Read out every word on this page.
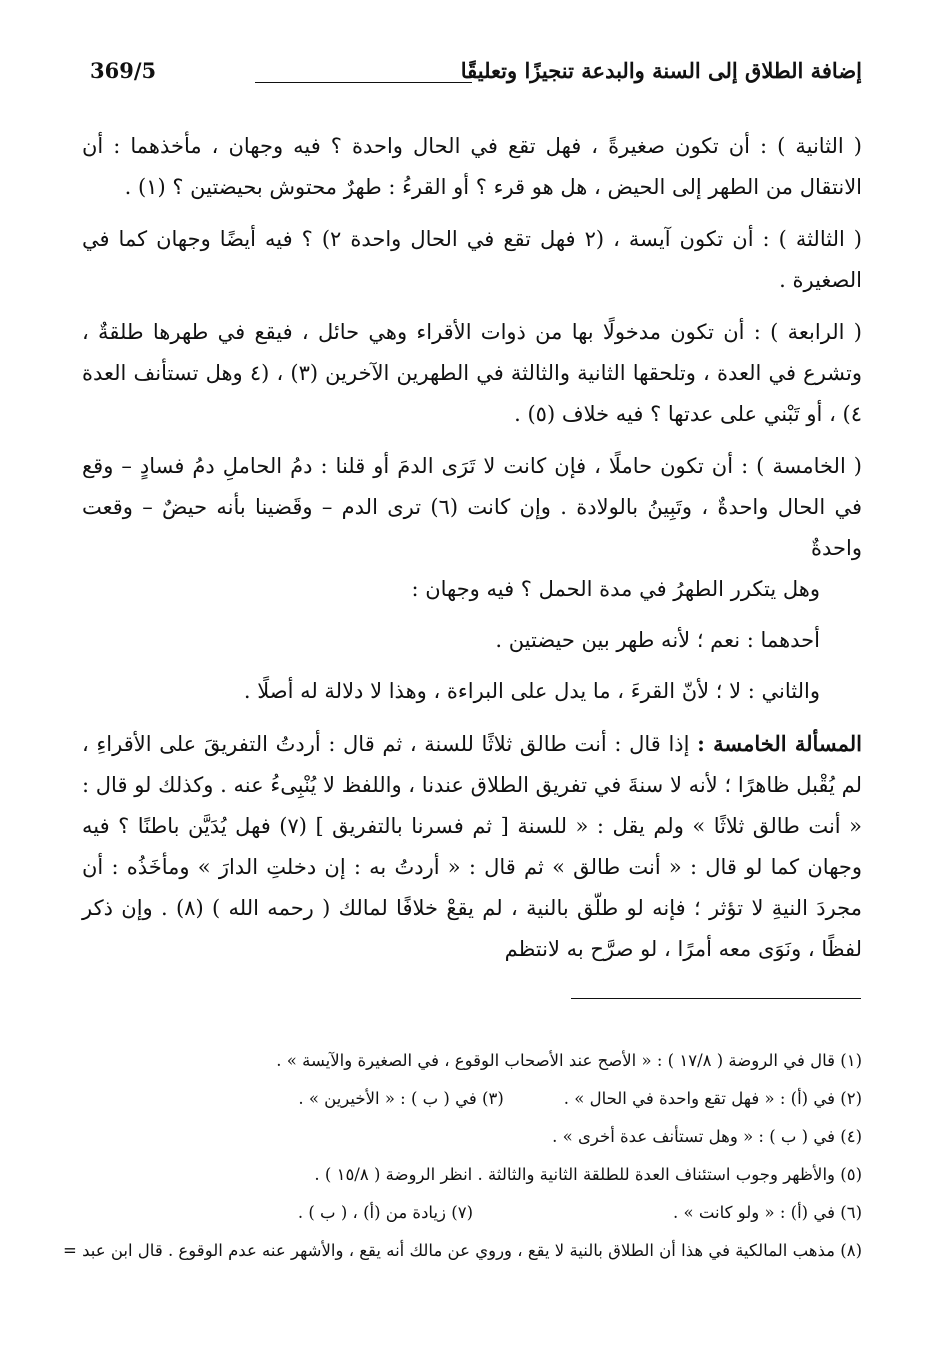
إضافة الطلاق إلى السنة والبدعة تنجيزًا وتعليقًا
369/5

( الثانية ) : أن تكون صغيرةً ، فهل تقع في الحال واحدة ؟ فيه وجهان ، مأخذهما : أن الانتقال من الطهر إلى الحيض ، هل هو قرء ؟ أو القرءُ : طهرٌ محتوش بحيضتين ؟ (١) .

( الثالثة ) : أن تكون آيسة ، (٢ فهل تقع في الحال واحدة ٢) ؟ فيه أيضًا وجهان كما في الصغيرة .

( الرابعة ) : أن تكون مدخولًا بها من ذوات الأقراء وهي حائل ، فيقع في طهرها طلقةٌ ، وتشرع في العدة ، وتلحقها الثانية والثالثة في الطهرين الآخرين (٣) ، (٤ وهل تستأنف العدة ٤) ، أو تَبْني على عدتها ؟ فيه خلاف (٥) .

( الخامسة ) : أن تكون حاملًا ، فإن كانت لا تَرَى الدمَ أو قلنا : دمُ الحاملِ دمُ فسادٍ – وقع في الحال واحدةٌ ، وتَبِينُ بالولادة . وإن كانت (٦) ترى الدم – وقَضينا بأنه حيضٌ – وقعت واحدةٌ

وهل يتكرر الطهرُ في مدة الحمل ؟ فيه وجهان :

أحدهما : نعم ؛ لأنه طهر بين حيضتين .

والثاني : لا ؛ لأنّ القرءَ ، ما يدل على البراءة ، وهذا لا دلالة له أصلًا .

المسألة الخامسة : إذا قال : أنت طالق ثلاثًا للسنة ، ثم قال : أردتُ التفريقَ على الأقراءِ ، لم يُقْبل ظاهرًا ؛ لأنه لا سنةَ في تفريق الطلاق عندنا ، واللفظ لا يُنْبِىءُ عنه . وكذلك لو قال : « أنت طالق ثلاثًا » ولم يقل : « للسنة [ ثم فسرنا بالتفريق ] (٧) فهل يُدَيَّن باطنًا ؟ فيه وجهان كما لو قال : « أنت طالق » ثم قال : « أردتُ به : إن دخلتِ الدارَ » ومأخَذُه : أن مجردَ النيةِ لا تؤثر ؛ فإنه لو طلّق بالنية ، لم يقعْ خلافًا لمالك ( رحمه الله ) (٨) . وإن ذكر لفظًا ، ونَوَى معه أمرًا ، لو صرَّح به لانتظم

(١) قال في الروضة ( ١٧/٨ ) : « الأصح عند الأصحاب الوقوع ، في الصغيرة والآيسة » .
(٢) في (أ) : « فهل تقع واحدة في الحال » .
(٣) في ( ب ) : « الأخيرين » .
(٤) في ( ب ) : « وهل تستأنف عدة أخرى » .
(٥) والأظهر وجوب استئناف العدة للطلقة الثانية والثالثة . انظر الروضة ( ١٥/٨ ) .
(٦) في (أ) : « ولو كانت » .
(٧) زيادة من (أ) ، ( ب ) .
(٨) مذهب المالكية في هذا أن الطلاق بالنية لا يقع ، وروي عن مالك أنه يقع ، والأشهر عنه عدم الوقوع . قال ابن عبد =
